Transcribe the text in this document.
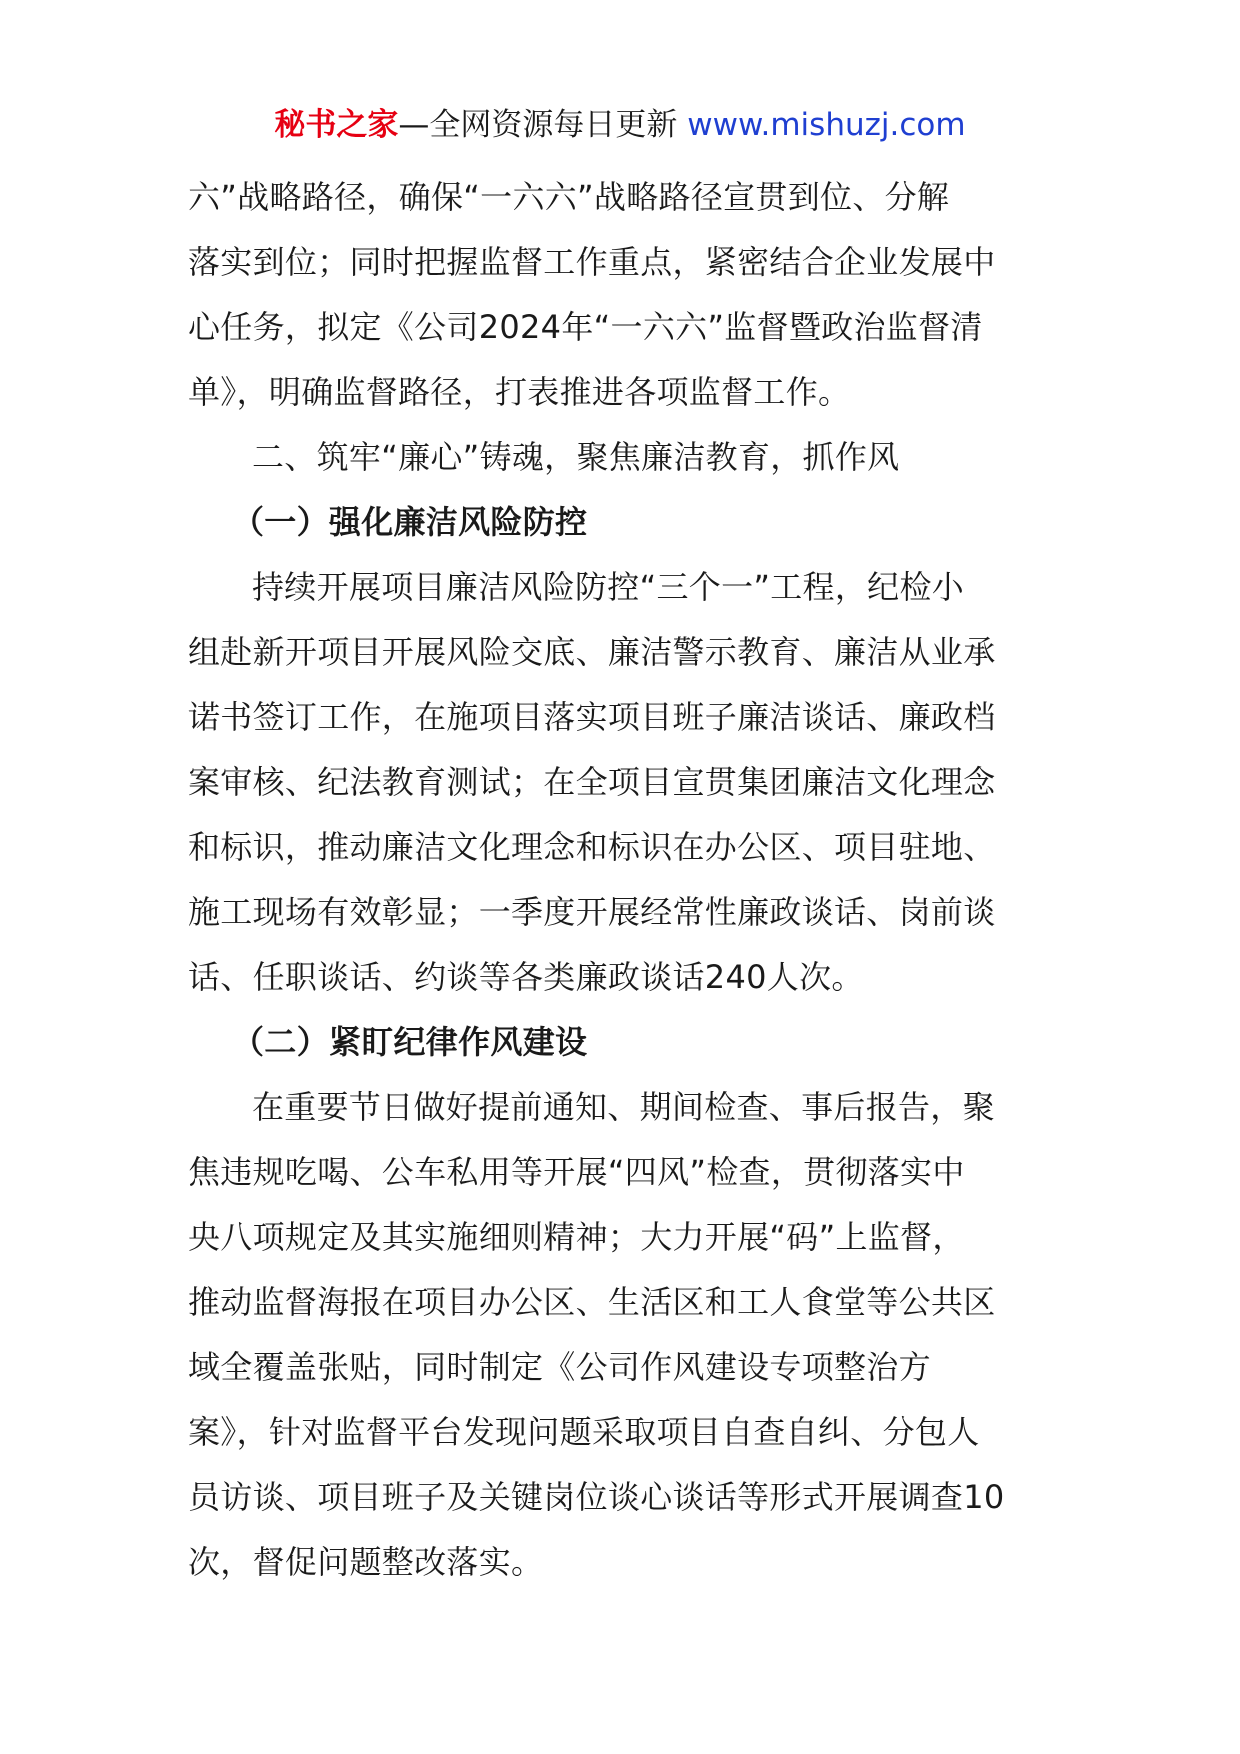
秘书之家—全网资源每日更新 www.mishuzj.com

六”战略路径，确保“一六六”战略路径宣贯到位、分解

落实到位；同时把握监督工作重点，紧密结合企业发展中

心任务，拟定《公司2024年“一六六”监督暨政治监督清

单》，明确监督路径，打表推进各项监督工作。

二、筑牢“廉心”铸魂，聚焦廉洁教育，抓作风

（一）强化廉洁风险防控

持续开展项目廉洁风险防控“三个一”工程，纪检小

组赴新开项目开展风险交底、廉洁警示教育、廉洁从业承

诺书签订工作，在施项目落实项目班子廉洁谈话、廉政档

案审核、纪法教育测试；在全项目宣贯集团廉洁文化理念

和标识，推动廉洁文化理念和标识在办公区、项目驻地、

施工现场有效彰显；一季度开展经常性廉政谈话、岗前谈

话、任职谈话、约谈等各类廉政谈话240人次。

（二）紧盯纪律作风建设

在重要节日做好提前通知、期间检查、事后报告，聚

焦违规吃喝、公车私用等开展“四风”检查，贯彻落实中

央八项规定及其实施细则精神；大力开展“码”上监督，

推动监督海报在项目办公区、生活区和工人食堂等公共区

域全覆盖张贴，同时制定《公司作风建设专项整治方

案》，针对监督平台发现问题采取项目自查自纠、分包人

员访谈、项目班子及关键岗位谈心谈话等形式开展调查10

次，督促问题整改落实。
